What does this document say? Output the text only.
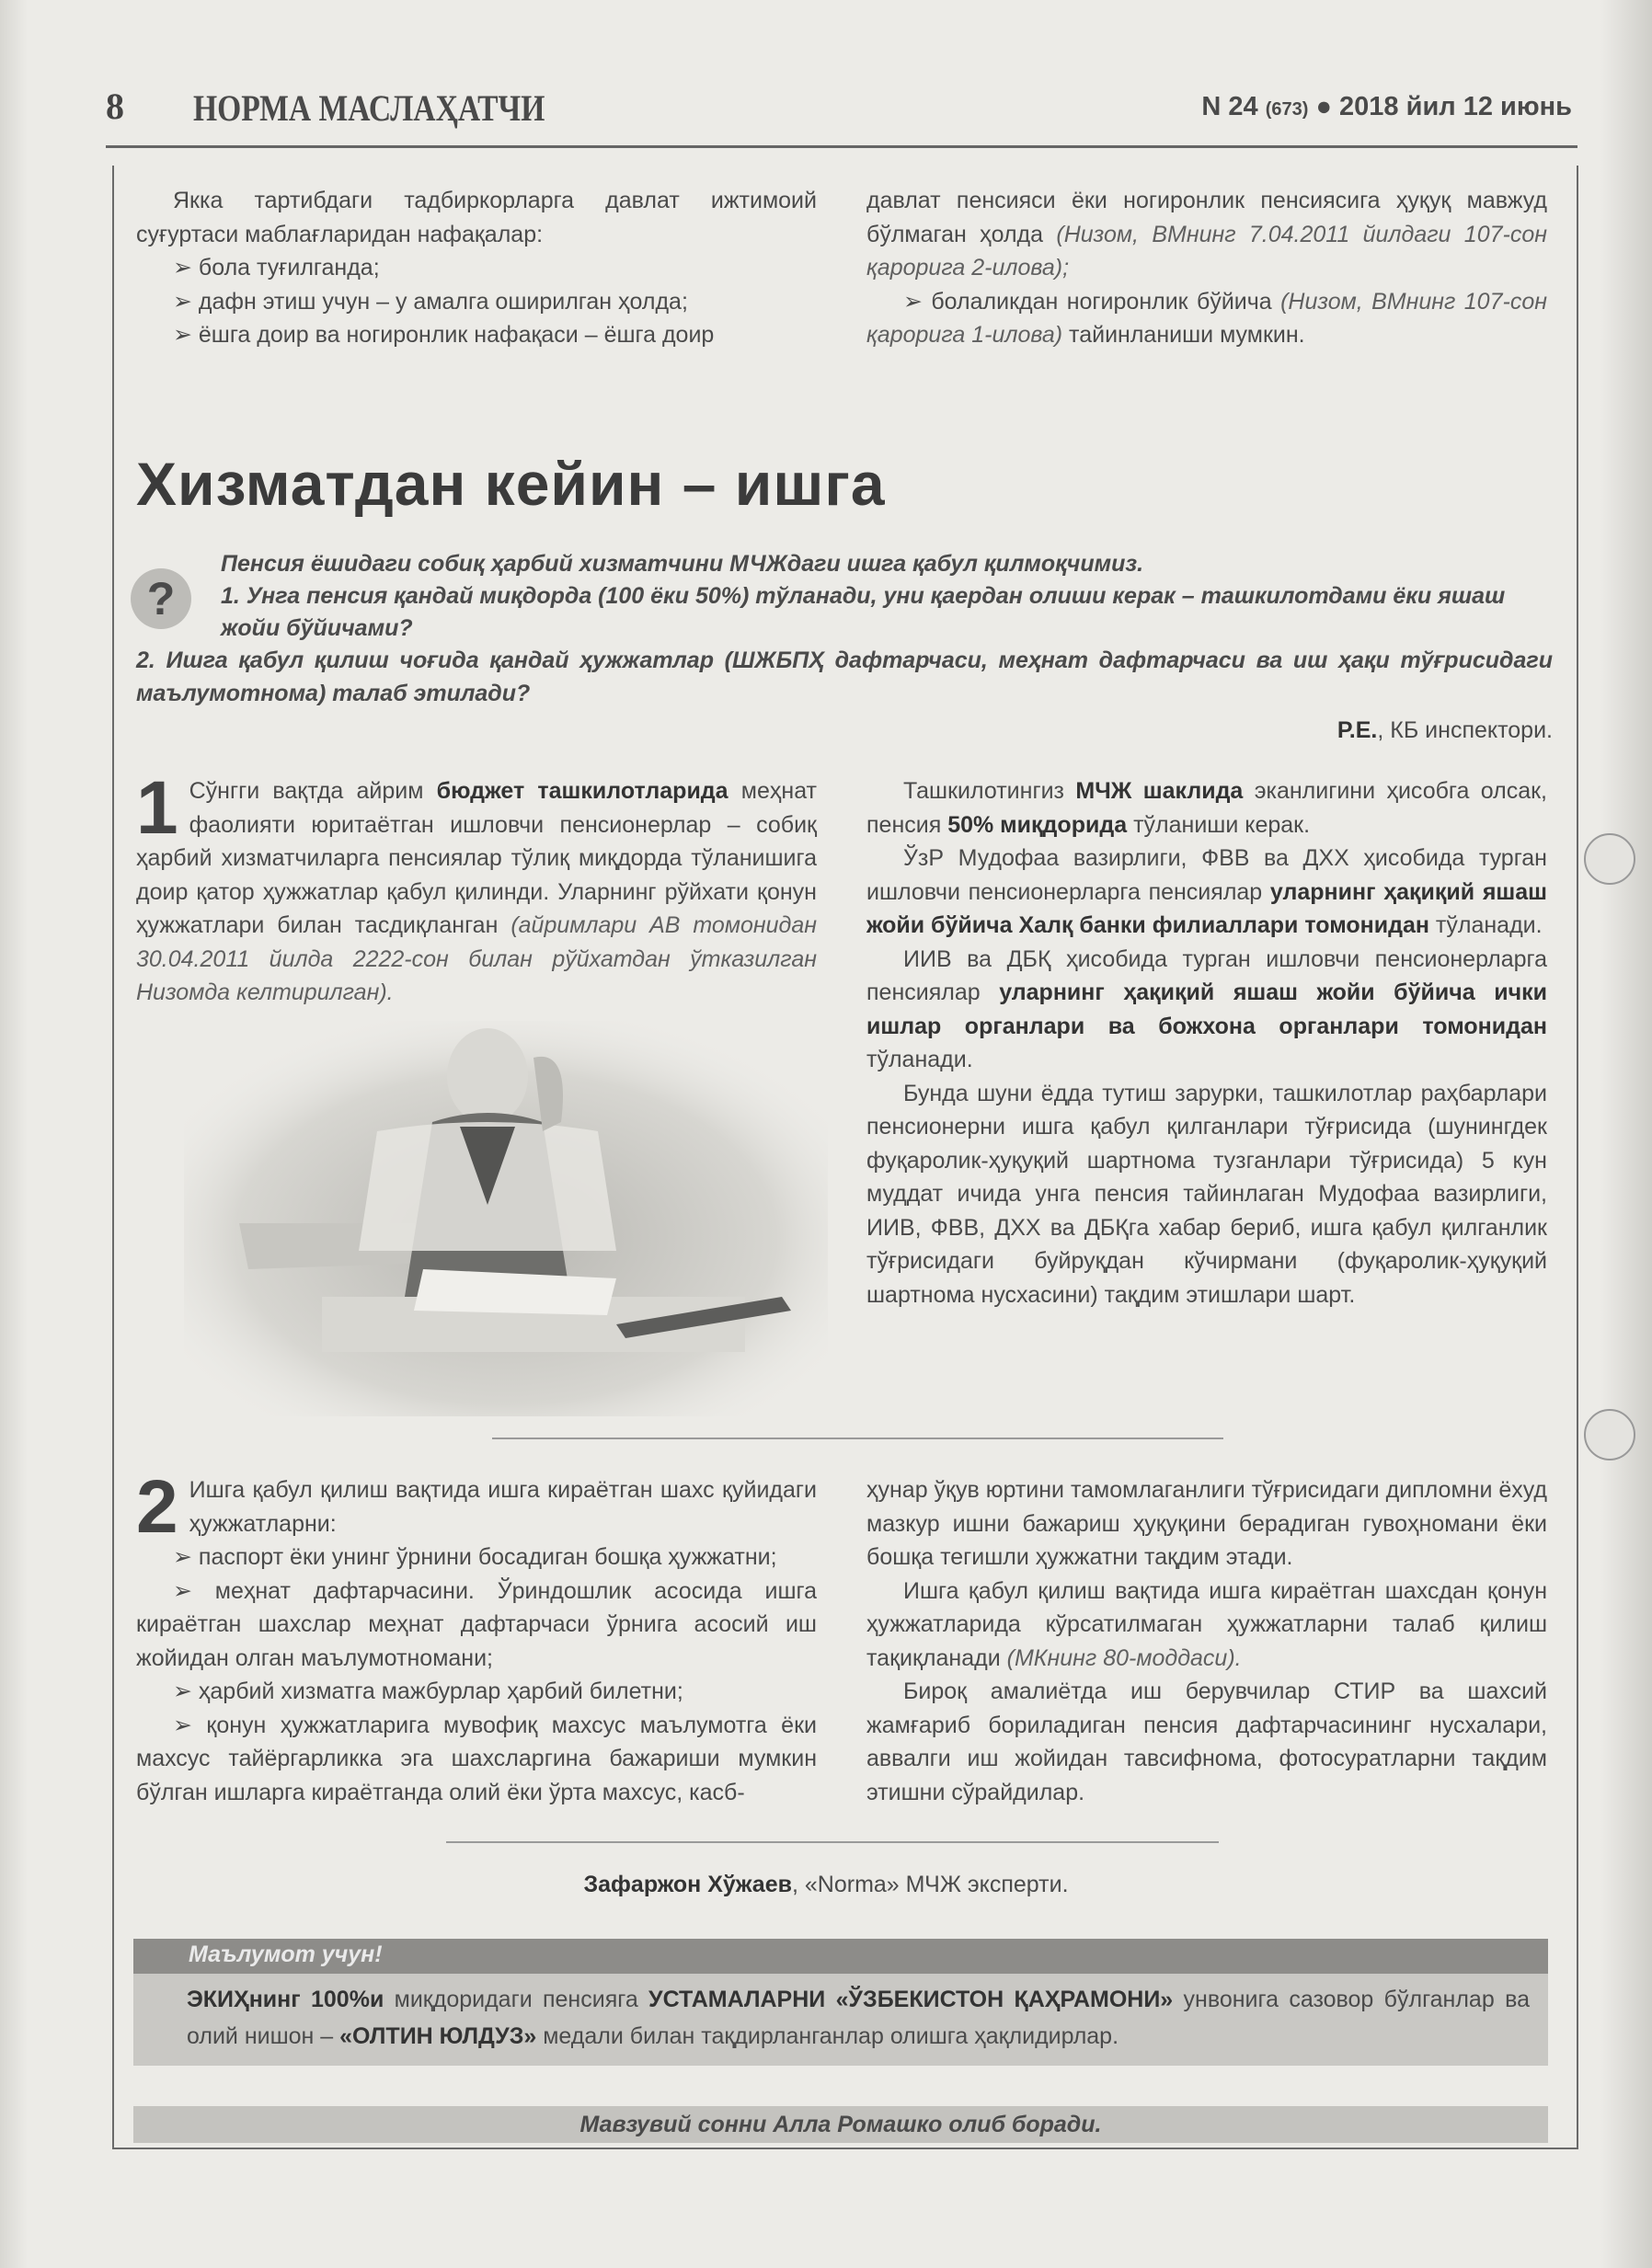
8 НОРМА МАСЛАҲАТЧИ	N 24 (673) ● 2018 йил 12 июнь

Якка тартибдаги тадбиркорларга давлат ижтимоий суғуртаси маблағларидан нафақалар:

➢ бола туғилганда;

➢ дафн этиш учун – у амалга оширилган ҳолда;

➢ ёшга доир ва ногиронлик нафақаси – ёшга доир

давлат пенсияси ёки ногиронлик пенсиясига ҳуқуқ мавжуд бўлмаган ҳолда (Низом, ВМнинг 7.04.2011 йилдаги 107-сон қарорига 2-илова);

➢ болаликдан ногиронлик бўйича (Низом, ВМнинг 107-сон қарорига 1-илова) тайинланиши мумкин.

Хизматдан кейин – ишга
?
Пенсия ёшидаги собиқ ҳарбий хизматчини МЧЖдаги ишга қабул қилмоқчимиз.
1. Унга пенсия қандай миқдорда (100 ёки 50%) тўланади, уни қаердан олиши керак – ташкилотдами ёки яшаш жойи бўйичами?
2. Ишга қабул қилиш чоғида қандай ҳужжатлар (ШЖБПҲ дафтарчаси, меҳнат дафтарчаси ва иш ҳақи тўғрисидаги маълумотнома) талаб этилади?
Р.Е., КБ инспектори.

1 Сўнгги вақтда айрим бюджет ташкилотларида меҳнат фаолияти юритаётган ишловчи пенсионерлар – собиқ ҳарбий хизматчиларга пенсиялар тўлиқ миқдорда тўланишига доир қатор ҳужжатлар қабул қилинди. Уларнинг рўйхати қонун ҳужжатлари билан тасдиқланган (айримлари АВ томонидан 30.04.2011 йилда 2222-сон билан рўйхатдан ўтказилган Низомда келтирилган).

Ташкилотингиз МЧЖ шаклида эканлигини ҳисобга олсак, пенсия 50% миқдорида тўланиши керак.

ЎзР Мудофаа вазирлиги, ФВВ ва ДХХ ҳисобида турган ишловчи пенсионерларга пенсиялар уларнинг ҳақиқий яшаш жойи бўйича Халқ банки филиаллари томонидан тўланади.

ИИВ ва ДБҚ ҳисобида турган ишловчи пенсионерларга пенсиялар уларнинг ҳақиқий яшаш жойи бўйича ички ишлар органлари ва божхона органлари томонидан тўланади.

Бунда шуни ёдда тутиш зарурки, ташкилотлар раҳбарлари пенсионерни ишга қабул қилганлари тўғрисида (шунингдек фуқаролик-ҳуқуқий шартнома тузганлари тўғрисида) 5 кун муддат ичида унга пенсия тайинлаган Мудофаа вазирлиги, ИИВ, ФВВ, ДХХ ва ДБҚга хабар бериб, ишга қабул қилганлик тўғрисидаги буйруқдан кўчирмани (фуқаролик-ҳуқуқий шартнома нусхасини) тақдим этишлари шарт.

2 Ишга қабул қилиш вақтида ишга кираётган шахс қуйидаги ҳужжатларни:

➢ паспорт ёки унинг ўрнини босадиган бошқа ҳужжатни;

➢ меҳнат дафтарчасини. Ўриндошлик асосида ишга кираётган шахслар меҳнат дафтарчаси ўрнига асосий иш жойидан олган маълумотномани;

➢ ҳарбий хизматга мажбурлар ҳарбий билетни;

➢ қонун ҳужжатларига мувофиқ махсус маълумотга ёки махсус тайёргарликка эга шахсларгина бажариши мумкин бўлган ишларга кираётганда олий ёки ўрта махсус, касб-

ҳунар ўқув юртини тамомлаганлиги тўғрисидаги дипломни ёхуд мазкур ишни бажариш ҳуқуқини берадиган гувоҳномани ёки бошқа тегишли ҳужжатни тақдим этади.

Ишга қабул қилиш вақтида ишга кираётган шахсдан қонун ҳужжатларида кўрсатилмаган ҳужжатларни талаб қилиш тақиқланади (МКнинг 80-моддаси).

Бироқ амалиётда иш берувчилар СТИР ва шахсий жамғариб бориладиган пенсия дафтарчасининг нусхалари, аввалги иш жойидан тавсифнома, фотосуратларни тақдим этишни сўрайдилар.

Зафаржон Хўжаев, «Norma» МЧЖ эксперти.
Маълумот учун!
ЭКИҲнинг 100%и миқдоридаги пенсияга УСТАМАЛАРНИ «ЎЗБЕКИСТОН ҚАҲРАМОНИ» унвонига сазовор бўлганлар ва олий нишон – «ОЛТИН ЮЛДУЗ» медали билан тақдирланганлар олишга ҳақлидирлар.
Мавзувий сонни Алла Ромашко олиб боради.
